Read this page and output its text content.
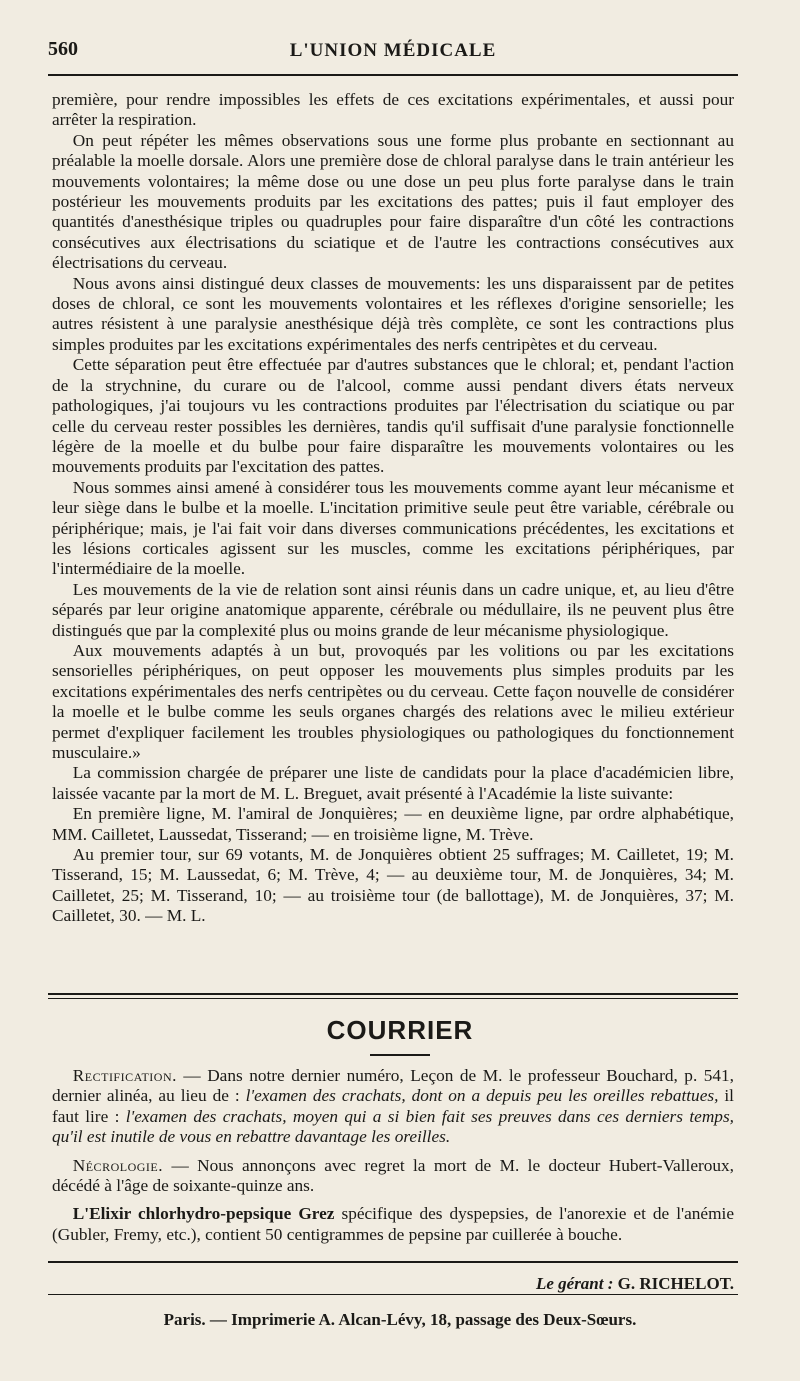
560	L'UNION MÉDICALE

première, pour rendre impossibles les effets de ces excitations expérimentales, et aussi pour arrêter la respiration.

On peut répéter les mêmes observations sous une forme plus probante en sectionnant au préalable la moelle dorsale. Alors une première dose de chloral paralyse dans le train antérieur les mouvements volontaires; la même dose ou une dose un peu plus forte paralyse dans le train postérieur les mouvements produits par les excitations des pattes; puis il faut employer des quantités d'anesthésique triples ou quadruples pour faire disparaître d'un côté les contractions consécutives aux électrisations du sciatique et de l'autre les contractions consécutives aux électrisations du cerveau.

Nous avons ainsi distingué deux classes de mouvements: les uns disparaissent par de petites doses de chloral, ce sont les mouvements volontaires et les réflexes d'origine sensorielle; les autres résistent à une paralysie anesthésique déjà très complète, ce sont les contractions plus simples produites par les excitations expérimentales des nerfs centripètes et du cerveau.

Cette séparation peut être effectuée par d'autres substances que le chloral; et, pendant l'action de la strychnine, du curare ou de l'alcool, comme aussi pendant divers états nerveux pathologiques, j'ai toujours vu les contractions produites par l'électrisation du sciatique ou par celle du cerveau rester possibles les dernières, tandis qu'il suffisait d'une paralysie fonctionnelle légère de la moelle et du bulbe pour faire disparaître les mouvements volontaires ou les mouvements produits par l'excitation des pattes.

Nous sommes ainsi amené à considérer tous les mouvements comme ayant leur mécanisme et leur siège dans le bulbe et la moelle. L'incitation primitive seule peut être variable, cérébrale ou périphérique; mais, je l'ai fait voir dans diverses communications précédentes, les excitations et les lésions corticales agissent sur les muscles, comme les excitations périphériques, par l'intermédiaire de la moelle.

Les mouvements de la vie de relation sont ainsi réunis dans un cadre unique, et, au lieu d'être séparés par leur origine anatomique apparente, cérébrale ou médullaire, ils ne peuvent plus être distingués que par la complexité plus ou moins grande de leur mécanisme physiologique.

Aux mouvements adaptés à un but, provoqués par les volitions ou par les excitations sensorielles périphériques, on peut opposer les mouvements plus simples produits par les excitations expérimentales des nerfs centripètes ou du cerveau. Cette façon nouvelle de considérer la moelle et le bulbe comme les seuls organes chargés des relations avec le milieu extérieur permet d'expliquer facilement les troubles physiologiques ou pathologiques du fonctionnement musculaire.»

La commission chargée de préparer une liste de candidats pour la place d'académicien libre, laissée vacante par la mort de M. L. Breguet, avait présenté à l'Académie la liste suivante:

En première ligne, M. l'amiral de Jonquières; — en deuxième ligne, par ordre alphabétique, MM. Cailletet, Laussedat, Tisserand; — en troisième ligne, M. Trève.

Au premier tour, sur 69 votants, M. de Jonquières obtient 25 suffrages; M. Cailletet, 19; M. Tisserand, 15; M. Laussedat, 6; M. Trève, 4; — au deuxième tour, M. de Jonquières, 34; M. Cailletet, 25; M. Tisserand, 10; — au troisième tour (de ballottage), M. de Jonquières, 37; M. Cailletet, 30. — M. L.

COURRIER

Rectification. — Dans notre dernier numéro, Leçon de M. le professeur Bouchard, p. 541, dernier alinéa, au lieu de : l'examen des crachats, dont on a depuis peu les oreilles rebattues, il faut lire : l'examen des crachats, moyen qui a si bien fait ses preuves dans ces derniers temps, qu'il est inutile de vous en rebattre davantage les oreilles.

Nécrologie. — Nous annonçons avec regret la mort de M. le docteur Hubert-Valleroux, décédé à l'âge de soixante-quinze ans.

L'Elixir chlorhydro-pepsique Grez spécifique des dyspepsies, de l'anorexie et de l'anémie (Gubler, Fremy, etc.), contient 50 centigrammes de pepsine par cuillerée à bouche.

Le gérant : G. RICHELOT.
Paris. — Imprimerie A. Alcan-Lévy, 18, passage des Deux-Sœurs.
